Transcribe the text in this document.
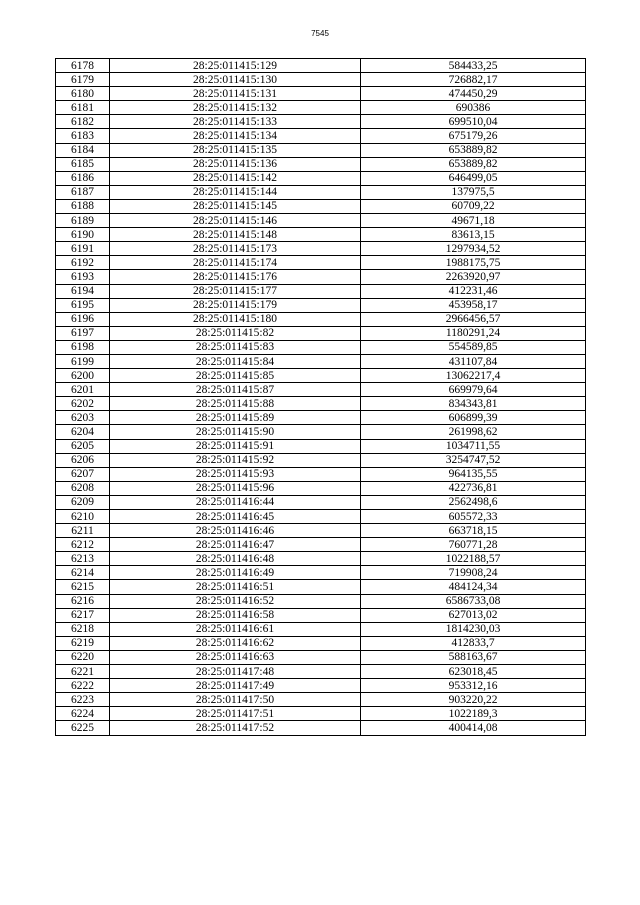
7545
6178	28:25:011415:129	584433,25
6179	28:25:011415:130	726882,17
6180	28:25:011415:131	474450,29
6181	28:25:011415:132	690386
6182	28:25:011415:133	699510,04
6183	28:25:011415:134	675179,26
6184	28:25:011415:135	653889,82
6185	28:25:011415:136	653889,82
6186	28:25:011415:142	646499,05
6187	28:25:011415:144	137975,5
6188	28:25:011415:145	60709,22
6189	28:25:011415:146	49671,18
6190	28:25:011415:148	83613,15
6191	28:25:011415:173	1297934,52
6192	28:25:011415:174	1988175,75
6193	28:25:011415:176	2263920,97
6194	28:25:011415:177	412231,46
6195	28:25:011415:179	453958,17
6196	28:25:011415:180	2966456,57
6197	28:25:011415:82	1180291,24
6198	28:25:011415:83	554589,85
6199	28:25:011415:84	431107,84
6200	28:25:011415:85	13062217,4
6201	28:25:011415:87	669979,64
6202	28:25:011415:88	834343,81
6203	28:25:011415:89	606899,39
6204	28:25:011415:90	261998,62
6205	28:25:011415:91	1034711,55
6206	28:25:011415:92	3254747,52
6207	28:25:011415:93	964135,55
6208	28:25:011415:96	422736,81
6209	28:25:011416:44	2562498,6
6210	28:25:011416:45	605572,33
6211	28:25:011416:46	663718,15
6212	28:25:011416:47	760771,28
6213	28:25:011416:48	1022188,57
6214	28:25:011416:49	719908,24
6215	28:25:011416:51	484124,34
6216	28:25:011416:52	6586733,08
6217	28:25:011416:58	627013,02
6218	28:25:011416:61	1814230,03
6219	28:25:011416:62	412833,7
6220	28:25:011416:63	588163,67
6221	28:25:011417:48	623018,45
6222	28:25:011417:49	953312,16
6223	28:25:011417:50	903220,22
6224	28:25:011417:51	1022189,3
6225	28:25:011417:52	400414,08
